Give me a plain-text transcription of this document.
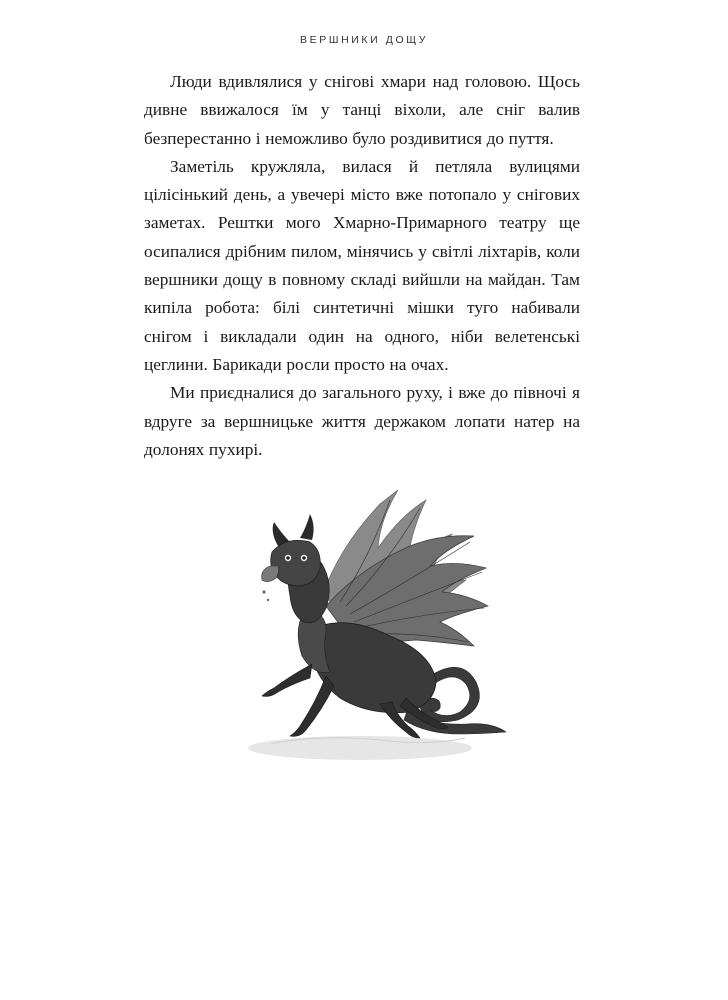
ВЕРШНИКИ ДОЩУ

Люди вдивлялися у снігові хмари над головою. Щось дивне ввижалося їм у танці віхоли, але сніг валив безперестанно і неможливо було роздивитися до пуття.

Заметіль кружляла, вилася й петляла вулицями цілісінький день, а увечері місто вже потопало у снігових заметах. Рештки мого Хмарно-Примарного театру ще осипалися дрібним пилом, мінячись у світлі ліхтарів, коли вершники дощу в повному складі вийшли на майдан. Там кипіла робота: білі синтетичні мішки туго набивали снігом і викладали один на одного, ніби велетенські цеглини. Барикади росли просто на очах.

Ми приєдналися до загального руху, і вже до півночі я вдруге за вершницьке життя держаком лопати натер на долонях пухирі.
